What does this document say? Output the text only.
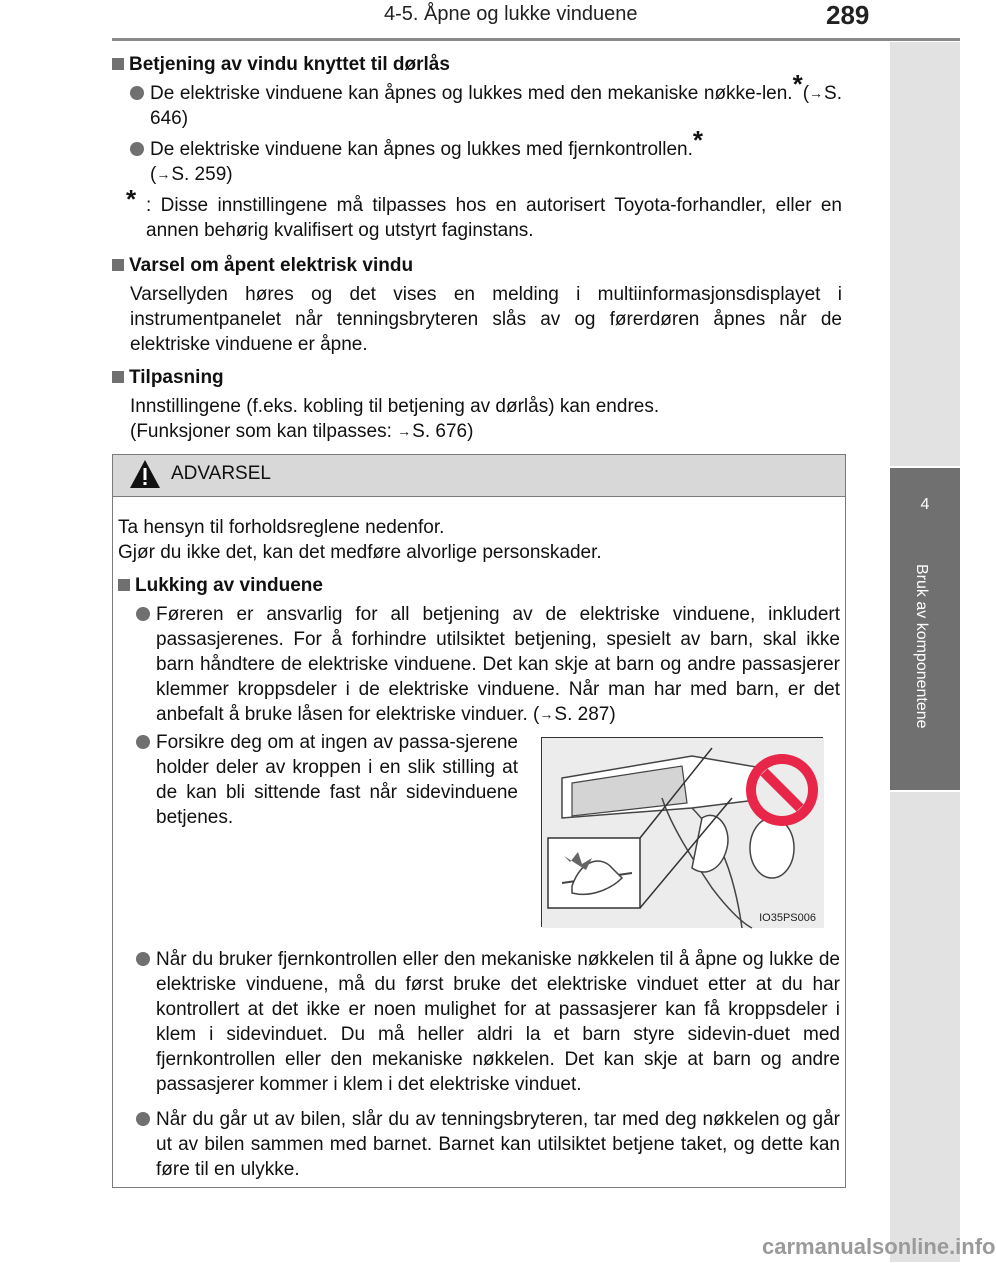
4-5. Åpne og lukke vinduene	289
4
Bruk av komponentene
Betjening av vindu knyttet til dørlås
De elektriske vinduene kan åpnes og lukkes med den mekaniske nøkke-len.*(→S. 646)
De elektriske vinduene kan åpnes og lukkes med fjernkontrollen.*
(→S. 259)
* : Disse innstillingene må tilpasses hos en autorisert Toyota-forhandler, eller en annen behørig kvalifisert og utstyrt faginstans.
Varsel om åpent elektrisk vindu
Varsellyden høres og det vises en melding i multiinformasjonsdisplayet i instrumentpanelet når tenningsbryteren slås av og førerdøren åpnes når de elektriske vinduene er åpne.
Tilpasning
Innstillingene (f.eks. kobling til betjening av dørlås) kan endres.
(Funksjoner som kan tilpasses: →S. 676)
ADVARSEL
Ta hensyn til forholdsreglene nedenfor.
Gjør du ikke det, kan det medføre alvorlige personskader.
Lukking av vinduene
Føreren er ansvarlig for all betjening av de elektriske vinduene, inkludert passasjerenes. For å forhindre utilsiktet betjening, spesielt av barn, skal ikke barn håndtere de elektriske vinduene. Det kan skje at barn og andre passasjerer klemmer kroppsdeler i de elektriske vinduene. Når man har med barn, er det anbefalt å bruke låsen for elektriske vinduer. (→S. 287)
Forsikre deg om at ingen av passa-sjerene holder deler av kroppen i en slik stilling at de kan bli sittende fast når sidevinduene betjenes.
IO35PS006
Når du bruker fjernkontrollen eller den mekaniske nøkkelen til å åpne og lukke de elektriske vinduene, må du først bruke det elektriske vinduet etter at du har kontrollert at det ikke er noen mulighet for at passasjerer kan få kroppsdeler i klem i sidevinduet. Du må heller aldri la et barn styre sidevin-duet med fjernkontrollen eller den mekaniske nøkkelen. Det kan skje at barn og andre passasjerer kommer i klem i det elektriske vinduet.
Når du går ut av bilen, slår du av tenningsbryteren, tar med deg nøkkelen og går ut av bilen sammen med barnet. Barnet kan utilsiktet betjene taket, og dette kan føre til en ulykke.
carmanualsonline.info
